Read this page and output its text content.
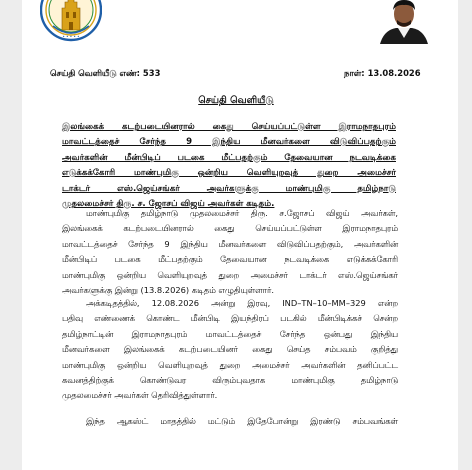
• • • • •
செய்தி வெளியீடு எண்: 533	நாள்: 13.08.2026
செய்தி வெளியீடு
இலங்கைக் கடற்படையினரால் கைது செய்யப்பட்டுள்ள இராமநாதபுரம்
மாவட்டத்தைச் சேர்ந்த 9 இந்திய மீனவர்களை விடுவிப்பதற்கும்
அவர்களின் மீன்பிடிப் படகை மீட்பதற்கும் தேவையான நடவடிக்கை
எடுக்கக்கோரி மாண்புமிகு ஒன்றிய வெளியுறவுத் துறை அமைச்சர்
டாக்டர் எஸ்.ஜெய்சங்கர் அவர்களுக்கு மாண்புமிகு தமிழ்நாடு
முதலமைச்சர் திரு. ச. ஜோசப் விஜய் அவர்கள் கடிதம்.
மாண்புமிகு தமிழ்நாடு முதலமைச்சர் திரு. ச.ஜோசப் விஜய் அவர்கள்,
இலங்கைக் கடற்படையினரால் கைது செய்யப்பட்டுள்ள இராமநாதபுரம்
மாவட்டத்தைச் சேர்ந்த 9 இந்திய மீனவர்களை விடுவிப்பதற்கும், அவர்களின்
மீன்பிடிப் படகை மீட்பதற்கும் தேவையான நடவடிக்கை எடுக்கக்கோரி
மாண்புமிகு ஒன்றிய வெளியுறவுத் துறை அமைச்சர் டாக்டர் எஸ்.ஜெய்சங்கர்
அவர்களுக்கு இன்று (13.8.2026) கடிதம் எழுதியுள்ளார்.
அக்கடிதத்தில், 12.08.2026 அன்று இரவு, IND–TN–10–MM–329 என்ற
பதிவு எண்ணைக் கொண்ட மீன்பிடி இயந்திரப் படகில் மீன்பிடிக்கச் சென்ற
தமிழ்நாட்டின் இராமநாதபுரம் மாவட்டத்தைச் சேர்ந்த ஒன்பது இந்திய
மீனவர்களை இலங்கைக் கடற்படையினர் கைது செய்த சம்பவம் குறித்து
மாண்புமிகு ஒன்றிய வெளியுறவுத் துறை அமைச்சர் அவர்களின் தனிப்பட்ட
கவனத்திற்குக் கொண்டுவர விரும்புவதாக மாண்புமிகு தமிழ்நாடு
முதலமைச்சர் அவர்கள் தெரிவித்துள்ளார்.
இந்த ஆகஸ்ட் மாதத்தில் மட்டும் இதேபோன்று இரண்டு சம்பவங்கள்
